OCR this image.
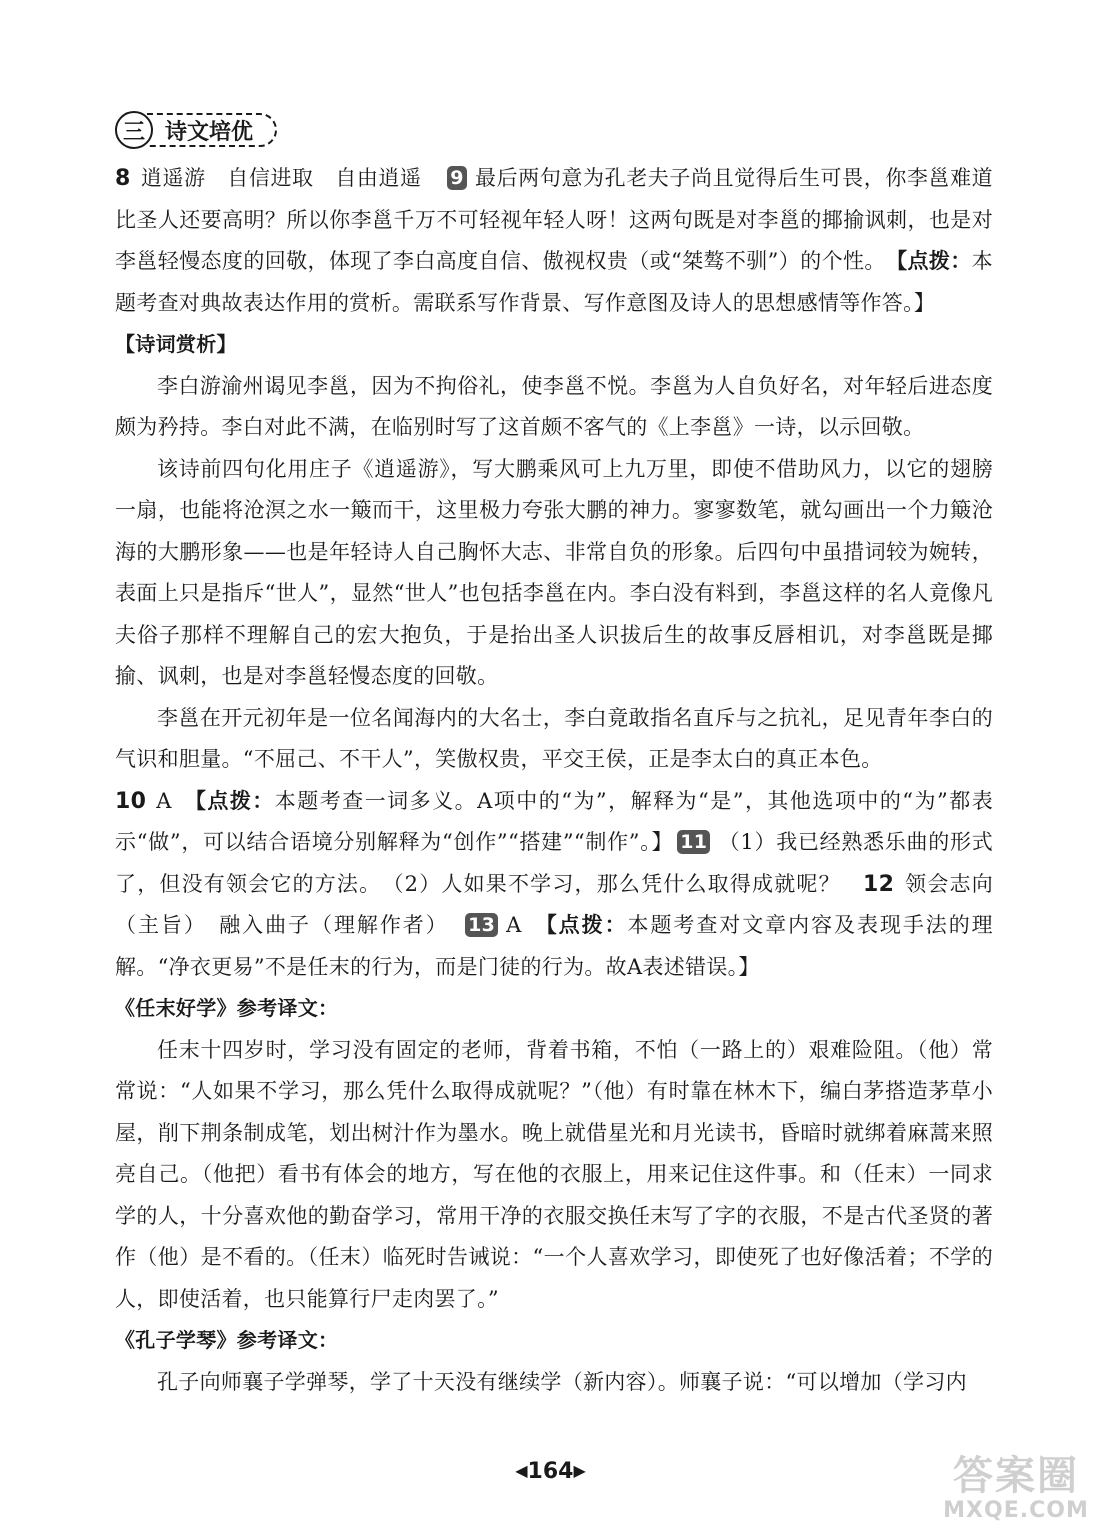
三 诗文培优

8 逍遥游　自信进取　自由逍遥　 9 最后两句意为孔老夫子尚且觉得后生可畏，你李邕难道比圣人还要高明？所以你李邕千万不可轻视年轻人呀！这两句既是对李邕的揶揄讽刺，也是对李邕轻慢态度的回敬，体现了李白高度自信、傲视权贵（或“桀骜不驯”）的个性。　 【点拨：本题考查对典故表达作用的赏析。需联系写作背景、写作意图及诗人的思想感情等作答。】

【诗词赏析】

李白游渝州谒见李邕，因为不拘俗礼，使李邕不悦。李邕为人自负好名，对年轻后进态度颇为矜持。李白对此不满，在临别时写了这首颇不客气的《上李邕》一诗，以示回敬。

该诗前四句化用庄子《逍遥游》，写大鹏乘风可上九万里，即使不借助风力，以它的翅膀一扇，也能将沧溟之水一簸而干，这里极力夸张大鹏的神力。寥寥数笔，就勾画出一个力簸沧海的大鹏形象——也是年轻诗人自己胸怀大志、非常自负的形象。后四句中虽措词较为婉转，表面上只是指斥“世人”，显然“世人”也包括李邕在内。李白没有料到，李邕这样的名人竟像凡夫俗子那样不理解自己的宏大抱负，于是抬出圣人识拔后生的故事反唇相讥，对李邕既是揶揄、讽刺，也是对李邕轻慢态度的回敬。

李邕在开元初年是一位名闻海内的大名士，李白竟敢指名直斥与之抗礼，足见青年李白的气识和胆量。“不屈己、不干人”，笑傲权贵，平交王侯，正是李太白的真正本色。

10 A　 【点拨：本题考查一词多义。A项中的“为”，解释为“是”，其他选项中的“为”都表示“做”，可以结合语境分别解释为“创作”“搭建”“制作”。】 11 （1）我已经熟悉乐曲的形式了，但没有领会它的方法。　（2）人如果不学习，那么凭什么取得成就呢？　 12 领会志向（主旨）　融入曲子（理解作者）　 13 A　 【点拨：本题考查对文章内容及表现手法的理解。“净衣更易”不是任末的行为，而是门徒的行为。故A表述错误。】

《任末好学》参考译文：

任末十四岁时，学习没有固定的老师，背着书箱，不怕（一路上的）艰难险阻。（他）常常说：“人如果不学习，那么凭什么取得成就呢？”（他）有时靠在林木下，编白茅搭造茅草小屋，削下荆条制成笔，划出树汁作为墨水。晚上就借星光和月光读书，昏暗时就绑着麻蒿来照亮自己。（他把）看书有体会的地方，写在他的衣服上，用来记住这件事。和（任末）一同求学的人，十分喜欢他的勤奋学习，常用干净的衣服交换任末写了字的衣服，不是古代圣贤的著作（他）是不看的。（任末）临死时告诫说：“一个人喜欢学习，即使死了也好像活着；不学的人，即使活着，也只能算行尸走肉罢了。”

《孔子学琴》参考译文：

孔子向师襄子学弹琴，学了十天没有继续学（新内容）。师襄子说：“可以增加（学习内

◀164▶	答案圈
MXQE.COM
